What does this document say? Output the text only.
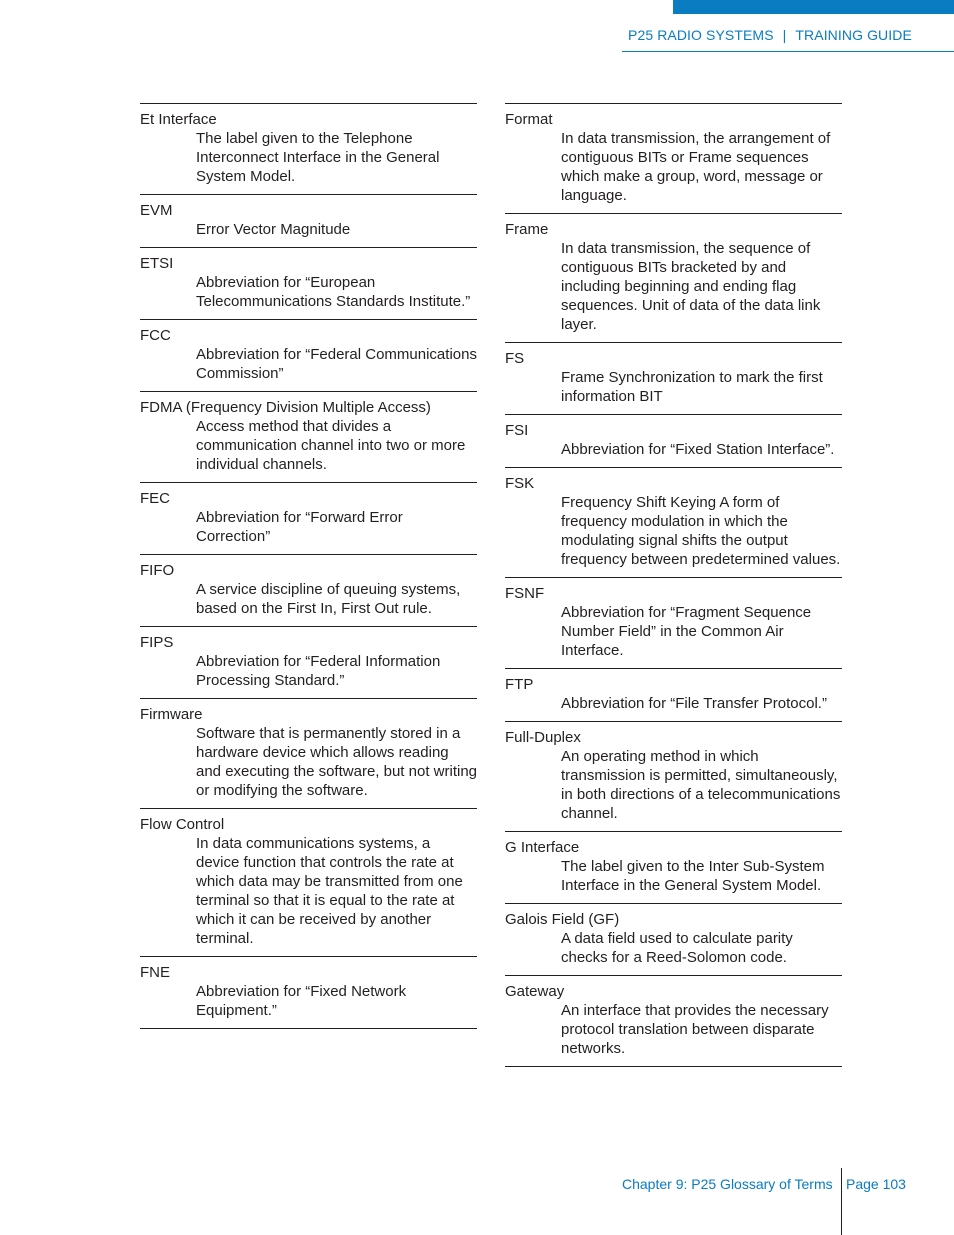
P25 RADIO SYSTEMS | TRAINING GUIDE
Et Interface
The label given to the Telephone Interconnect Interface in the General System Model.
EVM
Error Vector Magnitude
ETSI
Abbreviation for “European Telecommunications Standards Institute.”
FCC
Abbreviation for “Federal Communications Commission”
FDMA (Frequency Division Multiple Access)
Access method that divides a communication channel into two or more individual channels.
FEC
Abbreviation for “Forward Error Correction”
FIFO
A service discipline of queuing systems, based on the First In, First Out rule.
FIPS
Abbreviation for “Federal Information Processing Standard.”
Firmware
Software that is permanently stored in a hardware device which allows reading and executing the software, but not writing or modifying the software.
Flow Control
In data communications systems, a device function that controls the rate at which data may be transmitted from one terminal so that it is equal to the rate at which it can be received by another terminal.
FNE
Abbreviation for “Fixed Network Equipment.”
Format
In data transmission, the arrangement of contiguous BITs or Frame sequences which make a group, word, message or language.
Frame
In data transmission, the sequence of contiguous BITs bracketed by and including beginning and ending flag sequences. Unit of data of the data link layer.
FS
Frame Synchronization to mark the first information BIT
FSI
Abbreviation for “Fixed Station Interface”.
FSK
Frequency Shift Keying A form of frequency modulation in which the modulating signal shifts the output frequency between predetermined values.
FSNF
Abbreviation for “Fragment Sequence Number Field” in the Common Air Interface.
FTP
Abbreviation for “File Transfer Protocol.”
Full-Duplex
An operating method in which transmission is permitted, simultaneously, in both directions of a telecommunications channel.
G Interface
The label given to the Inter Sub-System Interface in the General System Model.
Galois Field (GF)
A data field used to calculate parity checks for a Reed-Solomon code.
Gateway
An interface that provides the necessary protocol translation between disparate networks.
Chapter 9: P25 Glossary of Terms Page 103
